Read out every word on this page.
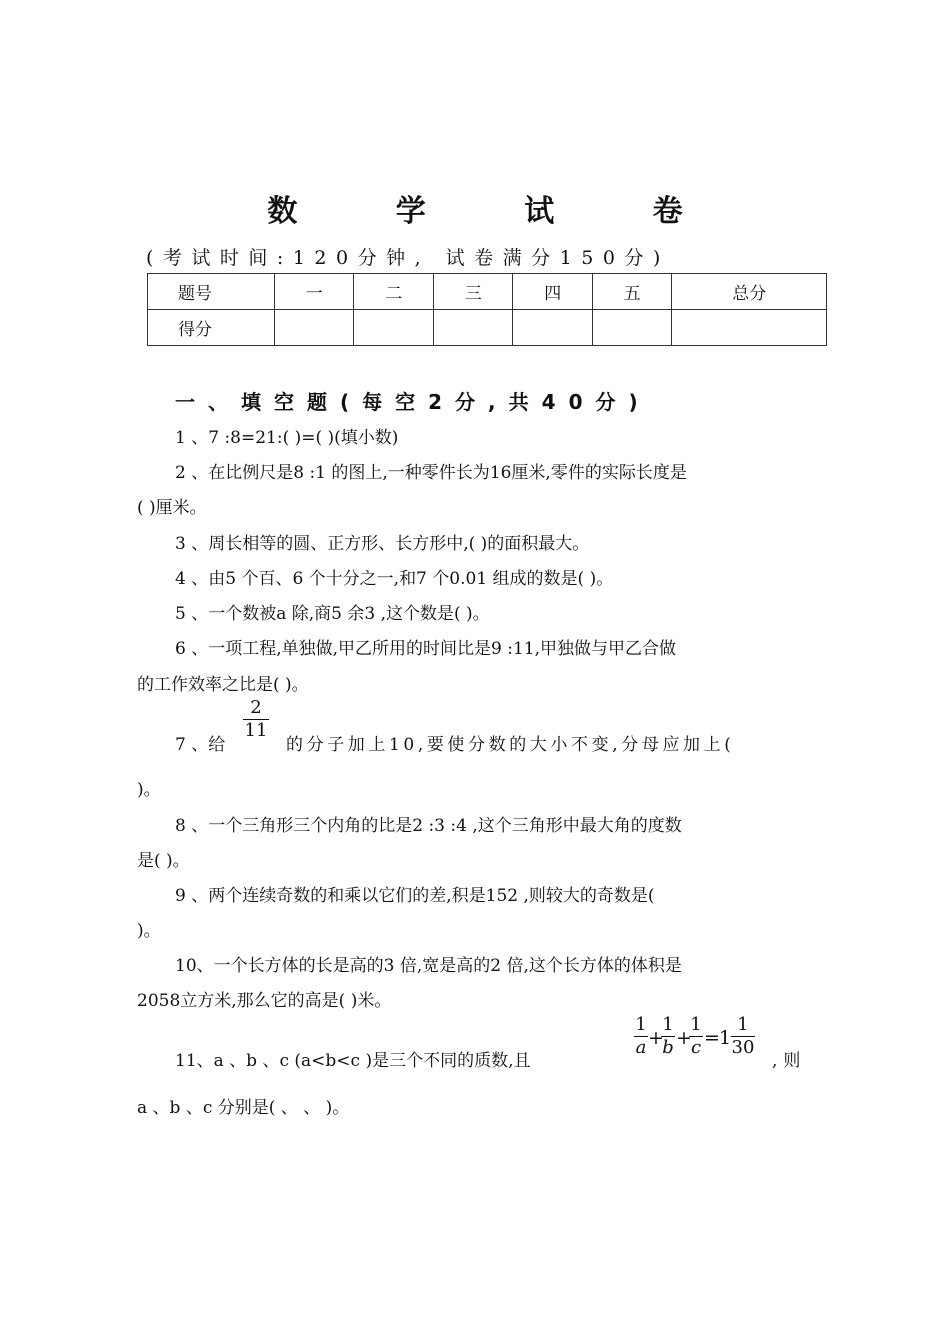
数 学 试 卷
(考试时间:120分钟, 试卷满分150分)
题号	一	二	三	四	五	总分
得分						
一、填空题(每空2分,共40分)
1 、7 :8=21:( )=( )(填小数)
2 、在比例尺是8 :1 的图上,一种零件长为16厘米,零件的实际长度是
( )厘米。
3 、周长相等的圆、正方形、长方形中,( )的面积最大。
4 、由5 个百、6 个十分之一,和7 个0.01 组成的数是( )。
5 、一个数被a 除,商5 余3 ,这个数是( )。
6 、一项工程,单独做,甲乙所用的时间比是9 :11,甲独做与甲乙合做
的工作效率之比是( )。
7 、给
2
11
的分子加上10,要使分数的大小不变,分母应加上(
)。
8 、一个三角形三个内角的比是2 :3 :4 ,这个三角形中最大角的度数
是( )。
9 、两个连续奇数的和乘以它们的差,积是152 ,则较大的奇数是(
)。
10、一个长方体的长是高的3 倍,宽是高的2 倍,这个长方体的体积是
2058立方米,那么它的高是( )米。
11、a 、b 、c (a<b<c )是三个不同的质数,且
1
a +
1
b +
1
c = 1
1
30
,则
a 、b 、c 分别是( 、 、 )。
